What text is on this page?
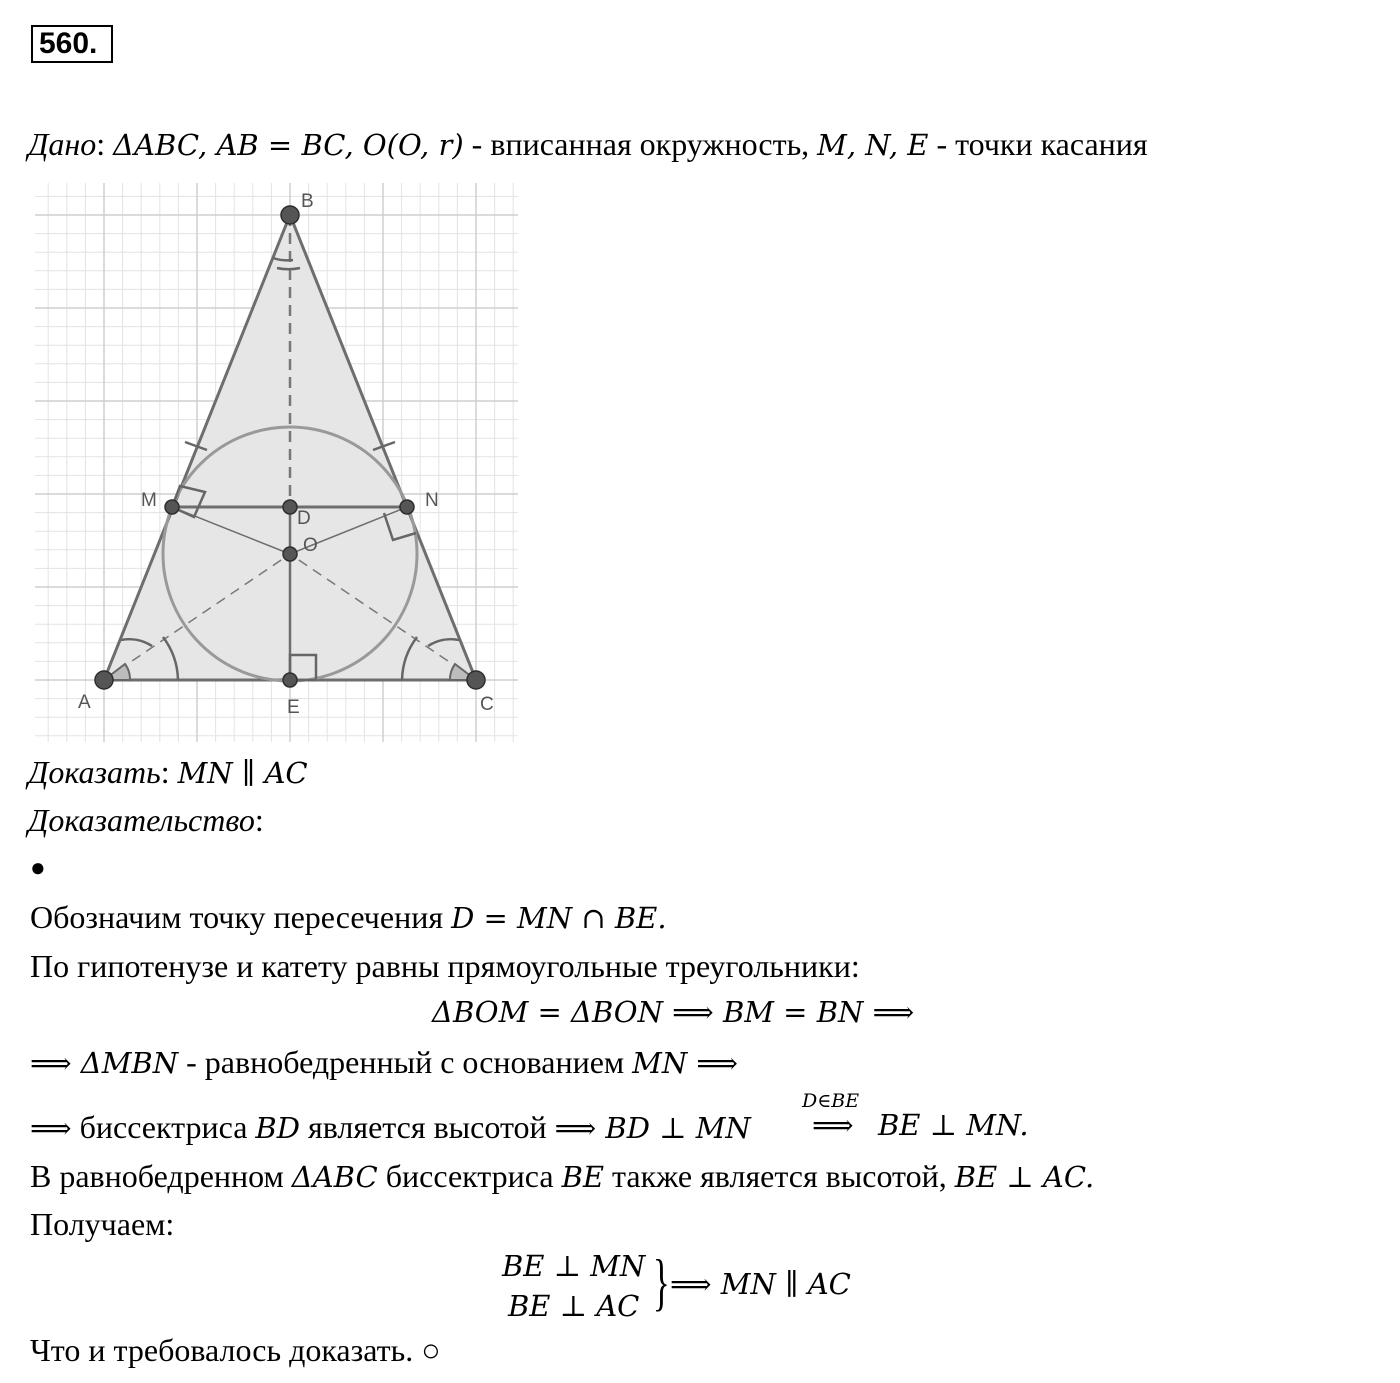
560.
Дано: ΔABC, AB = BC, O(O, r) - вписанная окружность, M, N, E - точки касания
A
B
C
M	N
D
O
E
Доказать: MN ∥ AC
Доказательство:
●
Обозначим точку пересечения D = MN ∩ BE.
По гипотенузе и катету равны прямоугольные треугольники:
ΔBOM = ΔBON ⟹ BM = BN ⟹
⟹ ΔMBN - равнобедренный с основанием MN ⟹
⟹ биссектриса BD является высотой ⟹ BD ⊥ MN
D∈BE
⟹ BE ⊥ MN.
В равнобедренном ΔABC биссектриса BE также является высотой, BE ⊥ AC.
Получаем:
BE ⊥ MN
BE ⊥ AC } ⟹ MN ∥ AC
Что и требовалось доказать. ○
